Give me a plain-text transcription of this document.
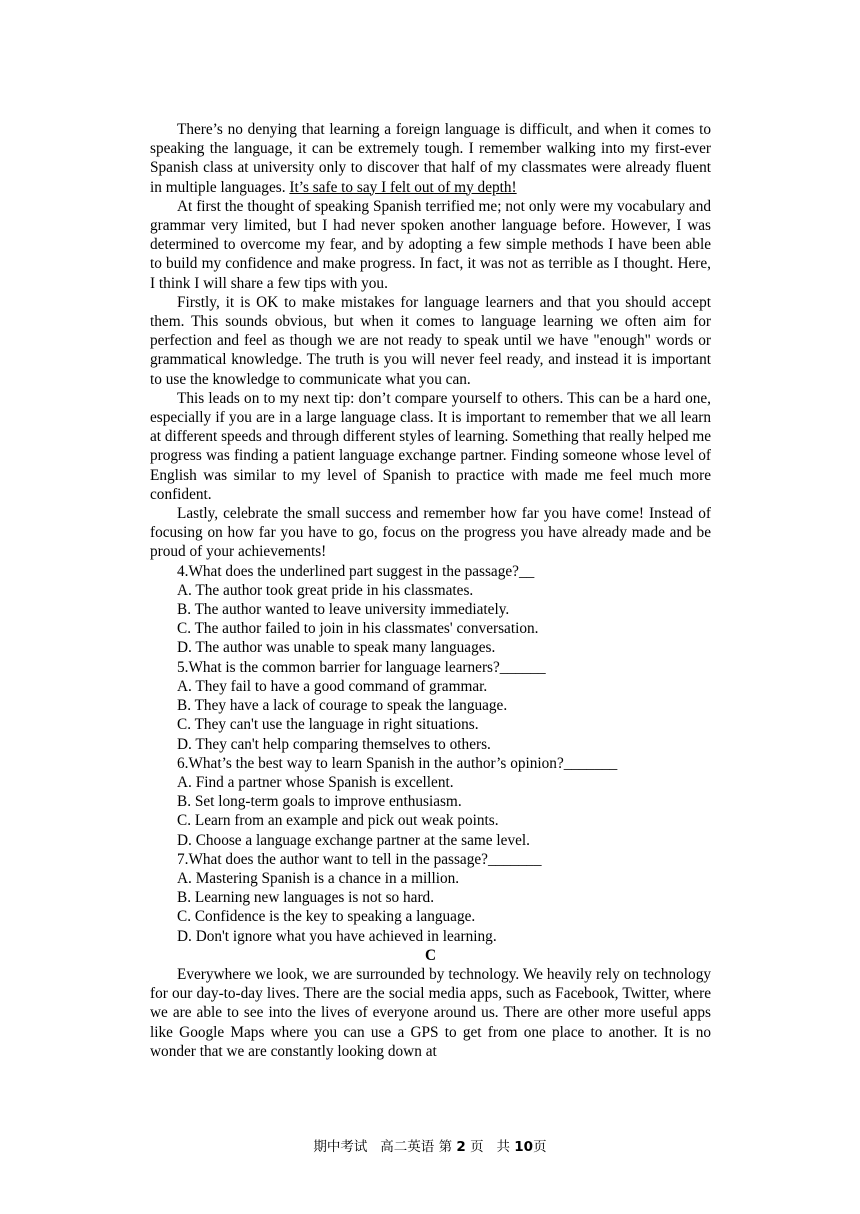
There’s no denying that learning a foreign language is difficult, and when it comes to speaking the language, it can be extremely tough. I remember walking into my first-ever Spanish class at university only to discover that half of my classmates were already fluent in multiple languages. It’s safe to say I felt out of my depth!

At first the thought of speaking Spanish terrified me; not only were my vocabulary and grammar very limited, but I had never spoken another language before. However, I was determined to overcome my fear, and by adopting a few simple methods I have been able to build my confidence and make progress. In fact, it was not as terrible as I thought. Here, I think I will share a few tips with you.

Firstly, it is OK to make mistakes for language learners and that you should accept them. This sounds obvious, but when it comes to language learning we often aim for perfection and feel as though we are not ready to speak until we have "enough" words or grammatical knowledge. The truth is you will never feel ready, and instead it is important to use the knowledge to communicate what you can.

This leads on to my next tip: don’t compare yourself to others. This can be a hard one, especially if you are in a large language class. It is important to remember that we all learn at different speeds and through different styles of learning. Something that really helped me progress was finding a patient language exchange partner. Finding someone whose level of English was similar to my level of Spanish to practice with made me feel much more confident.

Lastly, celebrate the small success and remember how far you have come! Instead of focusing on how far you have to go, focus on the progress you have already made and be proud of your achievements!

4.What does the underlined part suggest in the passage?__

A. The author took great pride in his classmates.

B. The author wanted to leave university immediately.

C. The author failed to join in his classmates' conversation.

D. The author was unable to speak many languages.

5.What is the common barrier for language learners?______

A. They fail to have a good command of grammar.

B. They have a lack of courage to speak the language.

C. They can't use the language in right situations.

D. They can't help comparing themselves to others.

6.What’s the best way to learn Spanish in the author’s opinion?_______

A. Find a partner whose Spanish is excellent.

B. Set long-term goals to improve enthusiasm.

C. Learn from an example and pick out weak points.

D. Choose a language exchange partner at the same level.

7.What does the author want to tell in the passage?_______

A. Mastering Spanish is a chance in a million.

B. Learning new languages is not so hard.

C. Confidence is the key to speaking a language.

D. Don't ignore what you have achieved in learning.

C

Everywhere we look, we are surrounded by technology. We heavily rely on technology for our day-to-day lives. There are the social media apps, such as Facebook, Twitter, where we are able to see into the lives of everyone around us. There are other more useful apps like Google Maps where you can use a GPS to get from one place to another. It is no wonder that we are constantly looking down at

期中考试 高二英语 第 2 页 共 10页
